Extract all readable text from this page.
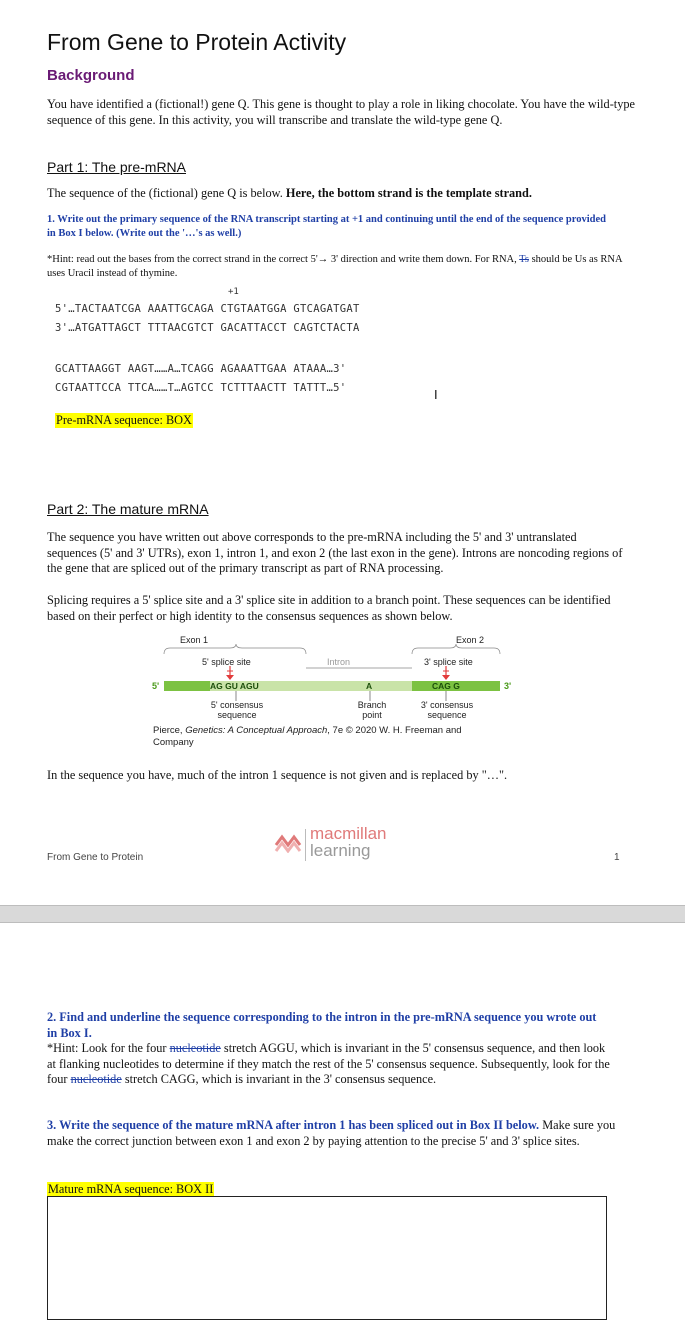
From Gene to Protein Activity
Background
You have identified a (fictional!) gene Q. This gene is thought to play a role in liking chocolate. You have the wild-type sequence of this gene. In this activity, you will transcribe and translate the wild-type gene Q.
Part 1: The pre-mRNA
The sequence of the (fictional) gene Q is below. Here, the bottom strand is the template strand.
1. Write out the primary sequence of the RNA transcript starting at +1 and continuing until the end of the sequence provided in Box I below. (Write out the '…'s as well.)
*Hint: read out the bases from the correct strand in the correct 5'→ 3' direction and write them down. For RNA, Ts should be Us as RNA uses Uracil instead of thymine.
+1
5'…TACTAATCGA AAATTGCAGA CTGTAATGGA GTCAGATGAT
3'…ATGATTAGCT TTTAACGTCT GACATTACCT CAGTCTACTA
GCATTAAGGT AAGT……A…TCAGG AGAAATTGAA ATAAA…3'
CGTAATTCCA TTCA……T…AGTCC TCTTTAACTT TATTT…5'	I
Pre-mRNA sequence: BOX
Part 2: The mature mRNA
The sequence you have written out above corresponds to the pre-mRNA including the 5' and 3' untranslated sequences (5' and 3' UTRs), exon 1, intron 1, and exon 2 (the last exon in the gene). Introns are noncoding regions of the gene that are spliced out of the primary transcript as part of RNA processing.
Splicing requires a 5' splice site and a 3' splice site in addition to a branch point. These sequences can be identified based on their perfect or high identity to the consensus sequences as shown below.
Exon 1	Exon 2
5' splice site	Intron	3' splice site
5'	3'
AG GU AGU	A	CAG G
5' consensus sequence
Branch point
3' consensus sequence
Pierce, Genetics: A Conceptual Approach, 7e © 2020 W. H. Freeman and Company
In the sequence you have, much of the intron 1 sequence is not given and is replaced by "…".
From Gene to Protein
macmillan
learning	1
2. Find and underline the sequence corresponding to the intron in the pre-mRNA sequence you wrote out in Box I.
*Hint: Look for the four nucleotide stretch AGGU, which is invariant in the 5' consensus sequence, and then look at flanking nucleotides to determine if they match the rest of the 5' consensus sequence. Subsequently, look for the four nucleotide stretch CAGG, which is invariant in the 3' consensus sequence.
3. Write the sequence of the mature mRNA after intron 1 has been spliced out in Box II below. Make sure you make the correct junction between exon 1 and exon 2 by paying attention to the precise 5' and 3' splice sites.
Mature mRNA sequence: BOX II
